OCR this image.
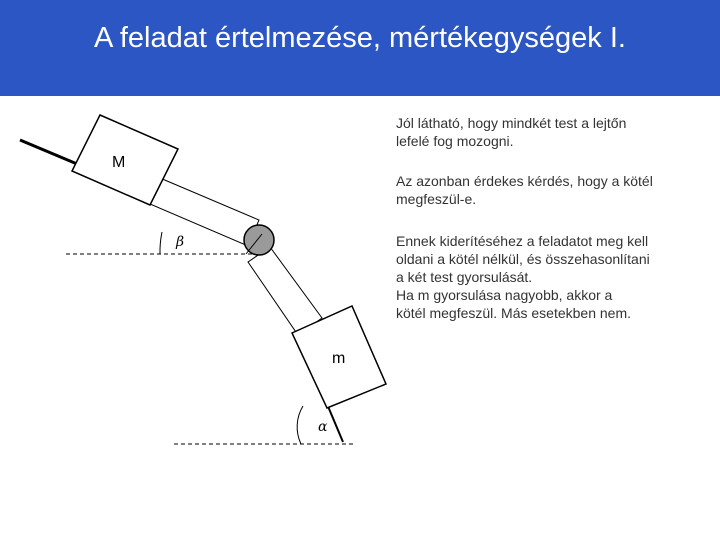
A feladat értelmezése, mértékegységek I.
M
m
β
α
Jól látható, hogy mindkét test a lejtőn
lefelé fog mozogni.
Az azonban érdekes kérdés, hogy a kötél
megfeszül-e.
Ennek kiderítéséhez a feladatot meg kell
oldani a kötél nélkül, és összehasonlítani
a két test gyorsulását.
Ha m gyorsulása nagyobb, akkor a
kötél megfeszül. Más esetekben nem.
